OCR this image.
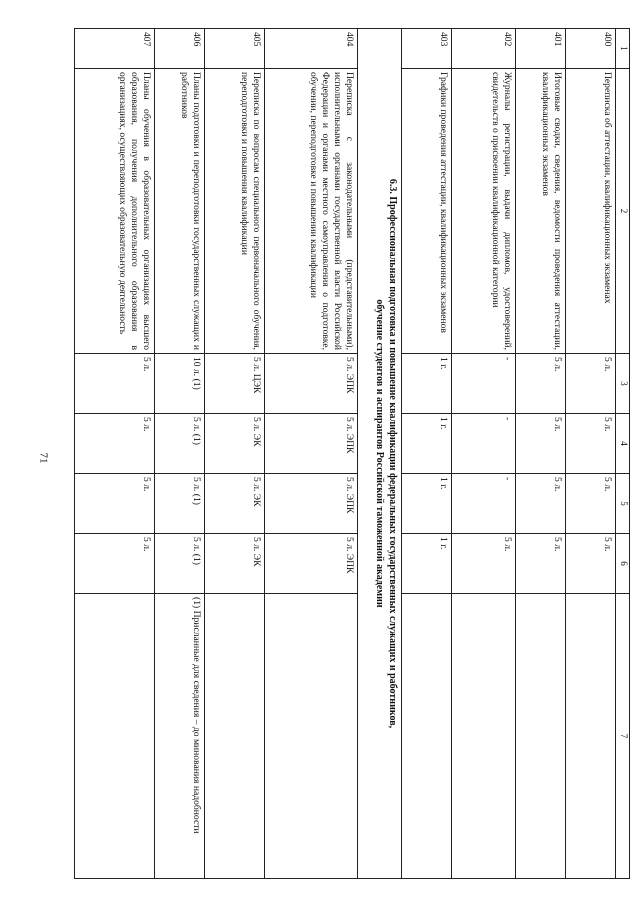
71
1	2	3	4	5	6	7
400	Переписка об аттестации, квалификационных экзаменах	5 л.	5 л.	5 л.	5 л.	
401	Итоговые сводки, сведения, ведомости проведения аттестации, квалификационных экзаменов	5 л.	5 л.	5 л.	5 л.	
402	Журналы регистрации, выдачи дипломов, удостоверений, свидетельств о присвоении квалификационной категории	-	-	-	5 л.	
403	Графики проведения аттестации, квалификационных экзаменов	1 г.	1 г.	1 г.	1 г.	

6.3. Профессиональная подготовка и повышение квалификации федеральных государственных служащих и работников,
обучение студентов и аспирантов Российской таможенной академии						

404	Переписка с законодательными (представительными), исполнительными органами государственной власти Российской Федерации и органами местного самоуправления о подготовке, обучении, переподготовке и повышении квалификации	5 л. ЭПК	5 л. ЭПК	5 л. ЭПК	5 л. ЭПК	
405	Переписка по вопросам специального первоначального обучения, переподготовки и повышения квалификации	5 л. ЦЭК	5 л. ЭК	5 л. ЭК	5 л. ЭК	
406	Планы подготовки и переподготовки государственных служащих и работников	10 л. (1)	5 л. (1)	5 л. (1)	5 л. (1)	(1) Присланные для сведения – до минования надобности
407	Планы обучения в образовательных организациях высшего образования, получения дополнительного образования в организациях, осуществляющих образовательную деятельность	5 л.	5 л.	5 л.	5 л.	
